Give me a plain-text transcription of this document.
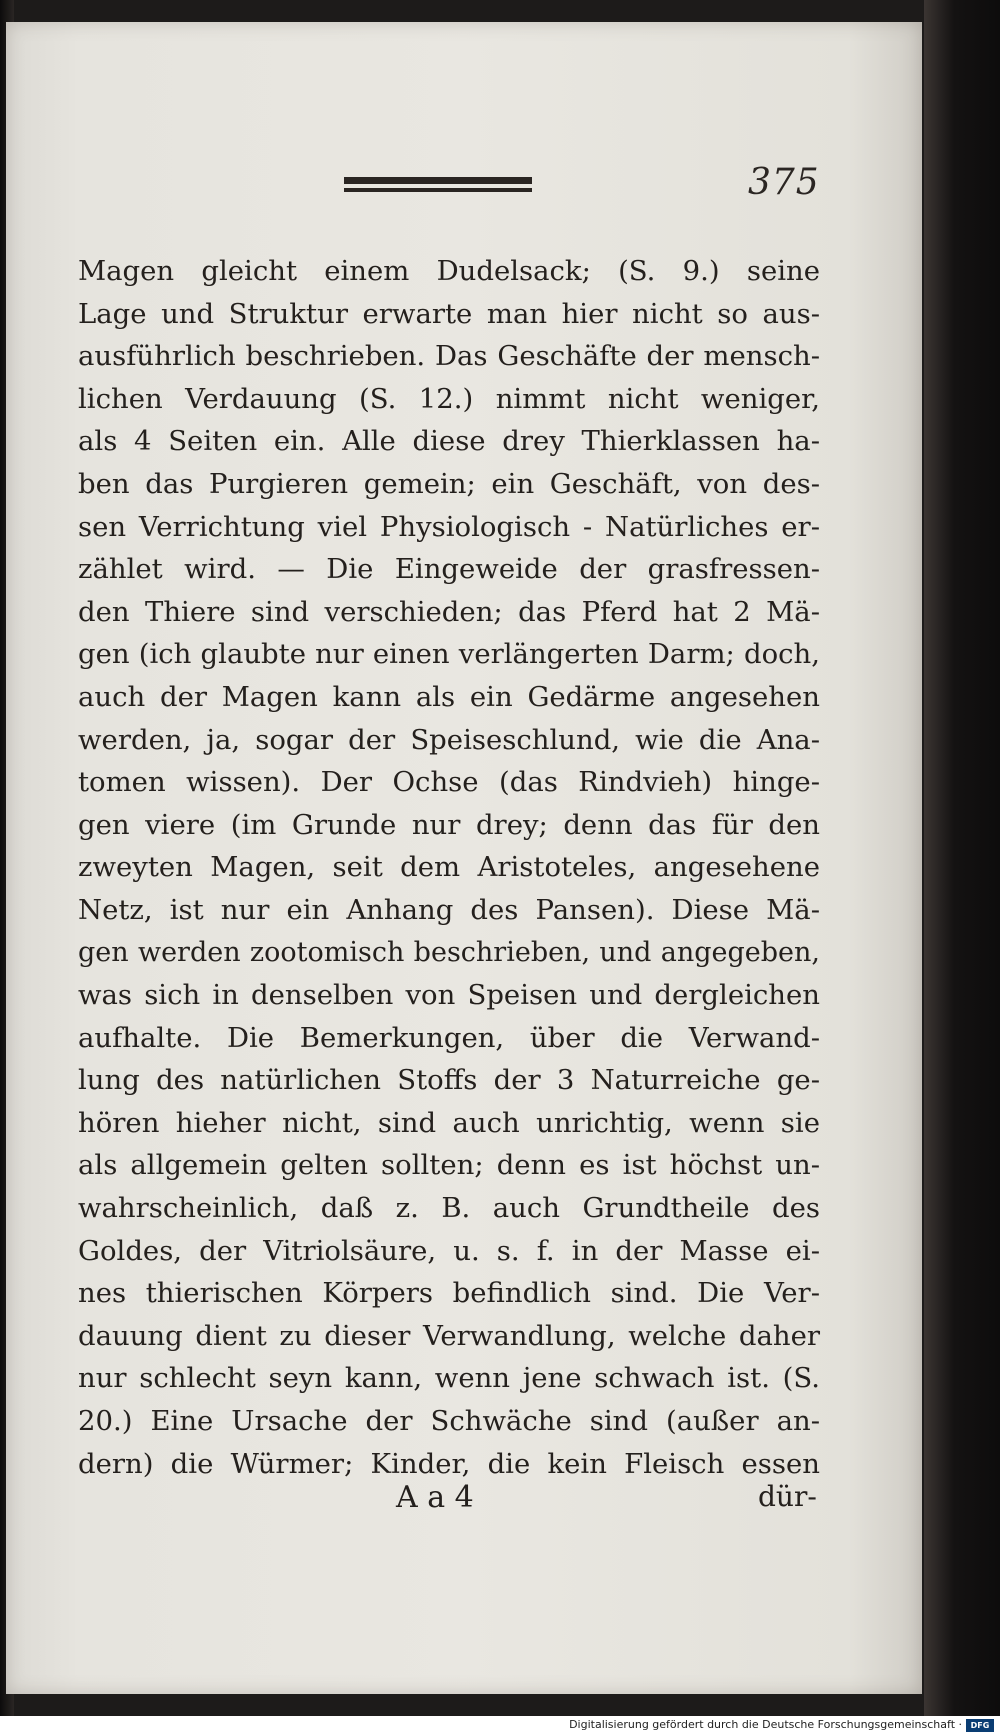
375
Magen gleicht einem Dudelsack; (S. 9.) seine
Lage und Struktur erwarte man hier nicht so aus-
ausführlich beschrieben. Das Geschäfte der mensch-
lichen Verdauung (S. 12.) nimmt nicht weniger,
als 4 Seiten ein. Alle diese drey Thierklassen ha-
ben das Purgieren gemein; ein Geschäft, von des-
sen Verrichtung viel Physiologisch - Natürliches er-
zählet wird. — Die Eingeweide der grasfressen-
den Thiere sind verschieden; das Pferd hat 2 Mä-
gen (ich glaubte nur einen verlängerten Darm; doch,
auch der Magen kann als ein Gedärme angesehen
werden, ja, sogar der Speiseschlund, wie die Ana-
tomen wissen). Der Ochse (das Rindvieh) hinge-
gen viere (im Grunde nur drey; denn das für den
zweyten Magen, seit dem Aristoteles, angesehene
Netz, ist nur ein Anhang des Pansen). Diese Mä-
gen werden zootomisch beschrieben, und angegeben,
was sich in denselben von Speisen und dergleichen
aufhalte. Die Bemerkungen, über die Verwand-
lung des natürlichen Stoffs der 3 Naturreiche ge-
hören hieher nicht, sind auch unrichtig, wenn sie
als allgemein gelten sollten; denn es ist höchst un-
wahrscheinlich, daß z. B. auch Grundtheile des
Goldes, der Vitriolsäure, u. s. f. in der Masse ei-
nes thierischen Körpers befindlich sind. Die Ver-
dauung dient zu dieser Verwandlung, welche daher
nur schlecht seyn kann, wenn jene schwach ist. (S.
20.) Eine Ursache der Schwäche sind (außer an-
dern) die Würmer; Kinder, die kein Fleisch essen
A a 4	dür-
Digitalisierung gefördert durch die Deutsche Forschungsgemeinschaft ·	DFG
